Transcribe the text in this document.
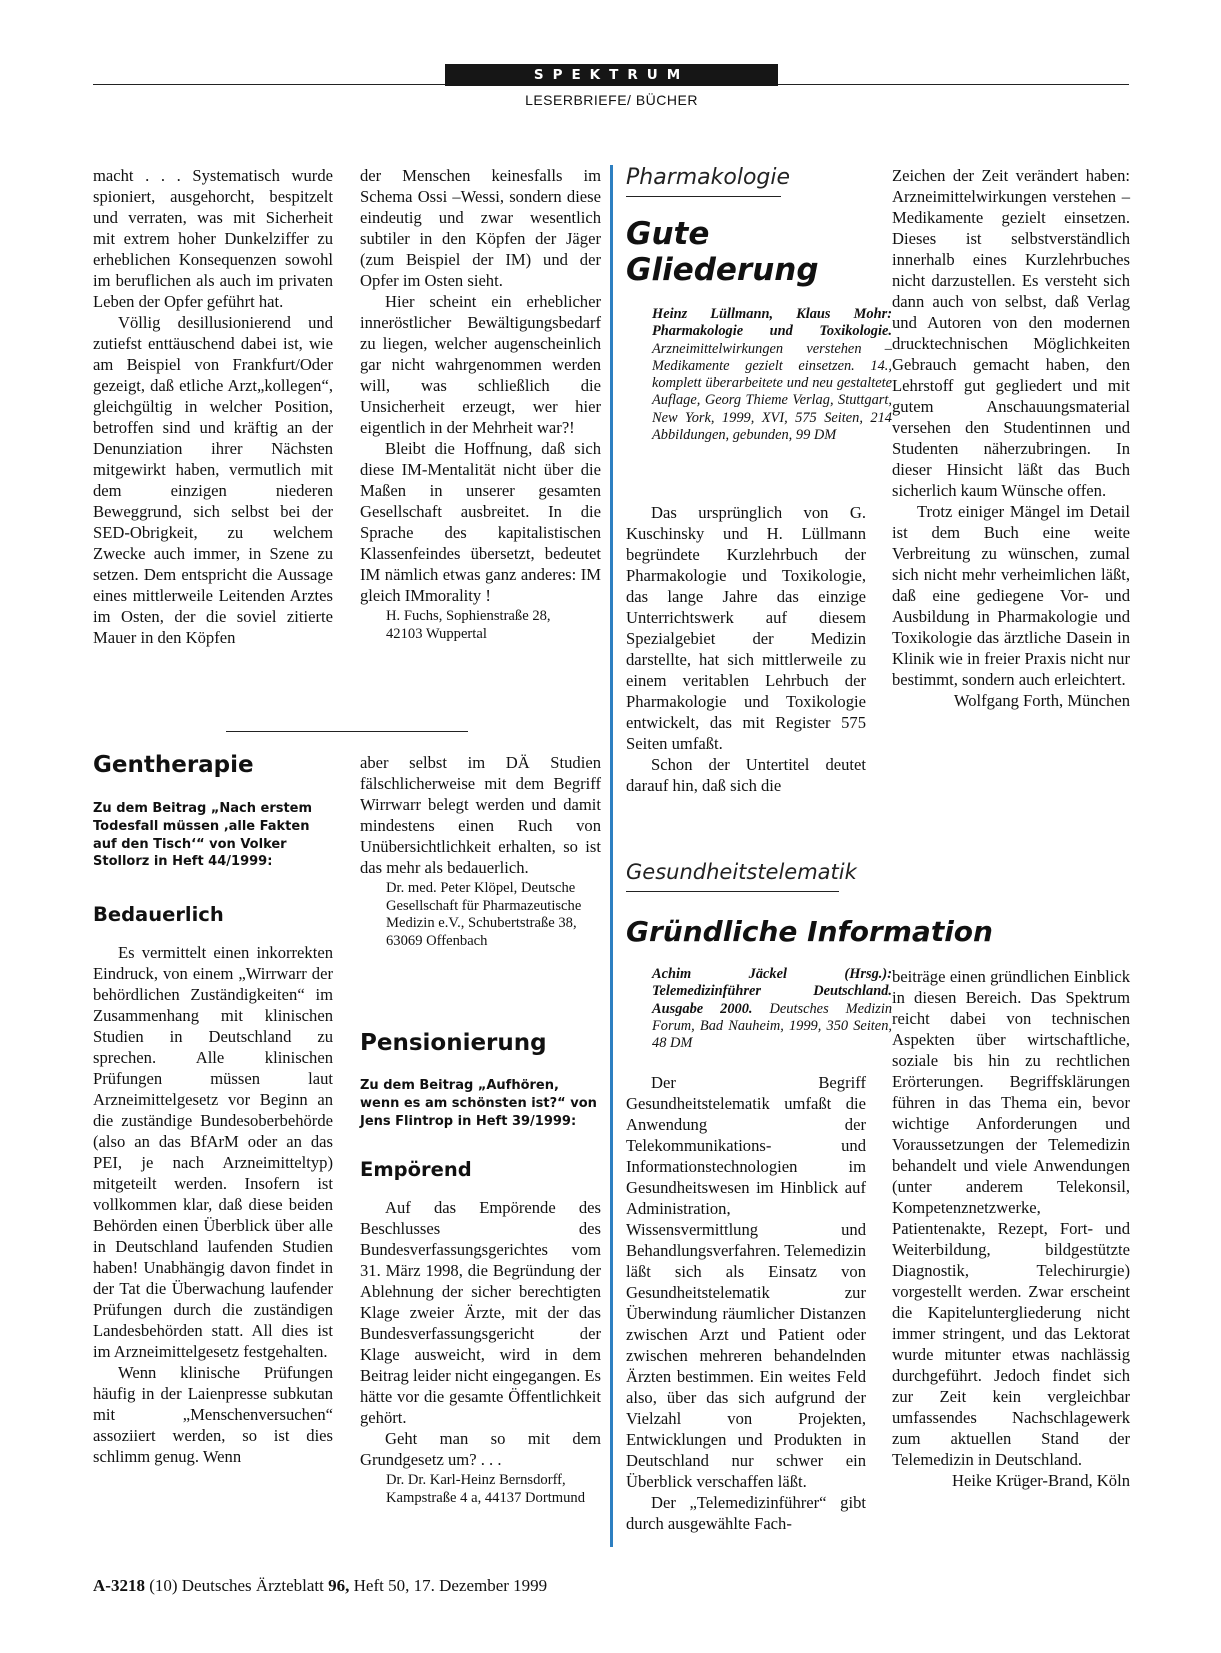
SPEKTRUM
LESERBRIEFE/ BÜCHER

macht . . . Systematisch wurde spioniert, ausgehorcht, bespitzelt und verraten, was mit Sicherheit mit extrem hoher Dunkelziffer zu erheblichen Konsequenzen sowohl im beruflichen als auch im privaten Leben der Opfer geführt hat.

Völlig desillusionierend und zutiefst enttäuschend dabei ist, wie am Beispiel von Frankfurt/Oder gezeigt, daß etliche Arzt„kollegen“, gleichgültig in welcher Position, betroffen sind und kräftig an der Denunziation ihrer Nächsten mitgewirkt haben, vermutlich mit dem einzigen niederen Beweggrund, sich selbst bei der SED-Obrigkeit, zu welchem Zwecke auch immer, in Szene zu setzen. Dem entspricht die Aussage eines mittlerweile Leitenden Arztes im Osten, der die soviel zitierte Mauer in den Köpfen

der Menschen keinesfalls im Schema Ossi –Wessi, sondern diese eindeutig und zwar wesentlich subtiler in den Köpfen der Jäger (zum Beispiel der IM) und der Opfer im Osten sieht.

Hier scheint ein erheblicher inneröstlicher Bewältigungsbedarf zu liegen, welcher augenscheinlich gar nicht wahrgenommen werden will, was schließlich die Unsicherheit erzeugt, wer hier eigentlich in der Mehrheit war?!

Bleibt die Hoffnung, daß sich diese IM-Mentalität nicht über die Maßen in unserer gesamten Gesellschaft ausbreitet. In die Sprache des kapitalistischen Klassenfeindes übersetzt, bedeutet IM nämlich etwas ganz anderes: IM gleich IMmorality !

H. Fuchs, Sophienstraße 28,
42103 Wuppertal
Gentherapie
Zu dem Beitrag „Nach erstem Todesfall müssen ‚alle Fakten auf den Tisch‘“ von Volker Stollorz in Heft 44/1999:
Bedauerlich

Es vermittelt einen inkorrekten Eindruck, von einem „Wirrwarr der behördlichen Zuständigkeiten“ im Zusammenhang mit klinischen Studien in Deutschland zu sprechen. Alle klinischen Prüfungen müssen laut Arzneimittelgesetz vor Beginn an die zuständige Bundesoberbehörde (also an das BfArM oder an das PEI, je nach Arzneimitteltyp) mitgeteilt werden. Insofern ist vollkommen klar, daß diese beiden Behörden einen Überblick über alle in Deutschland laufenden Studien haben! Unabhängig davon findet in der Tat die Überwachung laufender Prüfungen durch die zuständigen Landesbehörden statt. All dies ist im Arzneimittelgesetz festgehalten.

Wenn klinische Prüfungen häufig in der Laienpresse subkutan mit „Menschenversuchen“ assoziiert werden, so ist dies schlimm genug. Wenn

aber selbst im DÄ Studien fälschlicherweise mit dem Begriff Wirrwarr belegt werden und damit mindestens einen Ruch von Unübersichtlichkeit erhalten, so ist das mehr als bedauerlich.

Dr. med. Peter Klöpel, Deutsche Gesellschaft für Pharmazeutische Medizin e.V., Schubertstraße 38, 63069 Offenbach
Pensionierung
Zu dem Beitrag „Aufhören, wenn es am schönsten ist?“ von Jens Flintrop in Heft 39/1999:
Empörend

Auf das Empörende des Beschlusses des Bundesverfassungsgerichtes vom 31. März 1998, die Begründung der Ablehnung der sicher berechtigten Klage zweier Ärzte, mit der das Bundesverfassungsgericht der Klage ausweicht, wird in dem Beitrag leider nicht eingegangen. Es hätte vor die gesamte Öffentlichkeit gehört.

Geht man so mit dem Grundgesetz um? . . .

Dr. Dr. Karl-Heinz Bernsdorff, Kampstraße 4 a, 44137 Dortmund
Pharmakologie
Gute
Gliederung
Heinz Lüllmann, Klaus Mohr: Pharmakologie und Toxikologie. Arzneimittelwirkungen verstehen – Medikamente gezielt einsetzen. 14., komplett überarbeitete und neu gestaltete Auflage, Georg Thieme Verlag, Stuttgart, New York, 1999, XVI, 575 Seiten, 214 Abbildungen, gebunden, 99 DM

Das ursprünglich von G. Kuschinsky und H. Lüllmann begründete Kurzlehrbuch der Pharmakologie und Toxikologie, das lange Jahre das einzige Unterrichtswerk auf diesem Spezialgebiet der Medizin darstellte, hat sich mittlerweile zu einem veritablen Lehrbuch der Pharmakologie und Toxikologie entwickelt, das mit Register 575 Seiten umfaßt.

Schon der Untertitel deutet darauf hin, daß sich die

Zeichen der Zeit verändert haben: Arzneimittelwirkungen verstehen – Medikamente gezielt einsetzen. Dieses ist selbstverständlich innerhalb eines Kurzlehrbuches nicht darzustellen. Es versteht sich dann auch von selbst, daß Verlag und Autoren von den modernen drucktechnischen Möglichkeiten Gebrauch gemacht haben, den Lehrstoff gut gegliedert und mit gutem Anschauungsmaterial versehen den Studentinnen und Studenten näherzubringen. In dieser Hinsicht läßt das Buch sicherlich kaum Wünsche offen.

Trotz einiger Mängel im Detail ist dem Buch eine weite Verbreitung zu wünschen, zumal sich nicht mehr verheimlichen läßt, daß eine gediegene Vor- und Ausbildung in Pharmakologie und Toxikologie das ärztliche Dasein in Klinik wie in freier Praxis nicht nur bestimmt, sondern auch erleichtert.

Wolfgang Forth, München

Gesundheitstelematik
Gründliche Information
Achim Jäckel (Hrsg.): Telemedizinführer Deutschland. Ausgabe 2000. Deutsches Medizin Forum, Bad Nauheim, 1999, 350 Seiten, 48 DM

Der Begriff Gesundheitstelematik umfaßt die Anwendung der Telekommunikations- und Informationstechnologien im Gesundheitswesen im Hinblick auf Administration, Wissensvermittlung und Behandlungsverfahren. Telemedizin läßt sich als Einsatz von Gesundheitstelematik zur Überwindung räumlicher Distanzen zwischen Arzt und Patient oder zwischen mehreren behandelnden Ärzten bestimmen. Ein weites Feld also, über das sich aufgrund der Vielzahl von Projekten, Entwicklungen und Produkten in Deutschland nur schwer ein Überblick verschaffen läßt.

Der „Telemedizinführer“ gibt durch ausgewählte Fach-

beiträge einen gründlichen Einblick in diesen Bereich. Das Spektrum reicht dabei von technischen Aspekten über wirtschaftliche, soziale bis hin zu rechtlichen Erörterungen. Begriffsklärungen führen in das Thema ein, bevor wichtige Anforderungen und Voraussetzungen der Telemedizin behandelt und viele Anwendungen (unter anderem Telekonsil, Kompetenznetzwerke, Patientenakte, Rezept, Fort- und Weiterbildung, bildgestützte Diagnostik, Telechirurgie) vorgestellt werden. Zwar erscheint die Kapiteluntergliederung nicht immer stringent, und das Lektorat wurde mitunter etwas nachlässig durchgeführt. Jedoch findet sich zur Zeit kein vergleichbar umfassendes Nachschlagewerk zum aktuellen Stand der Telemedizin in Deutschland.

Heike Krüger-Brand, Köln

A-3218 (10) Deutsches Ärzteblatt 96, Heft 50, 17. Dezember 1999
